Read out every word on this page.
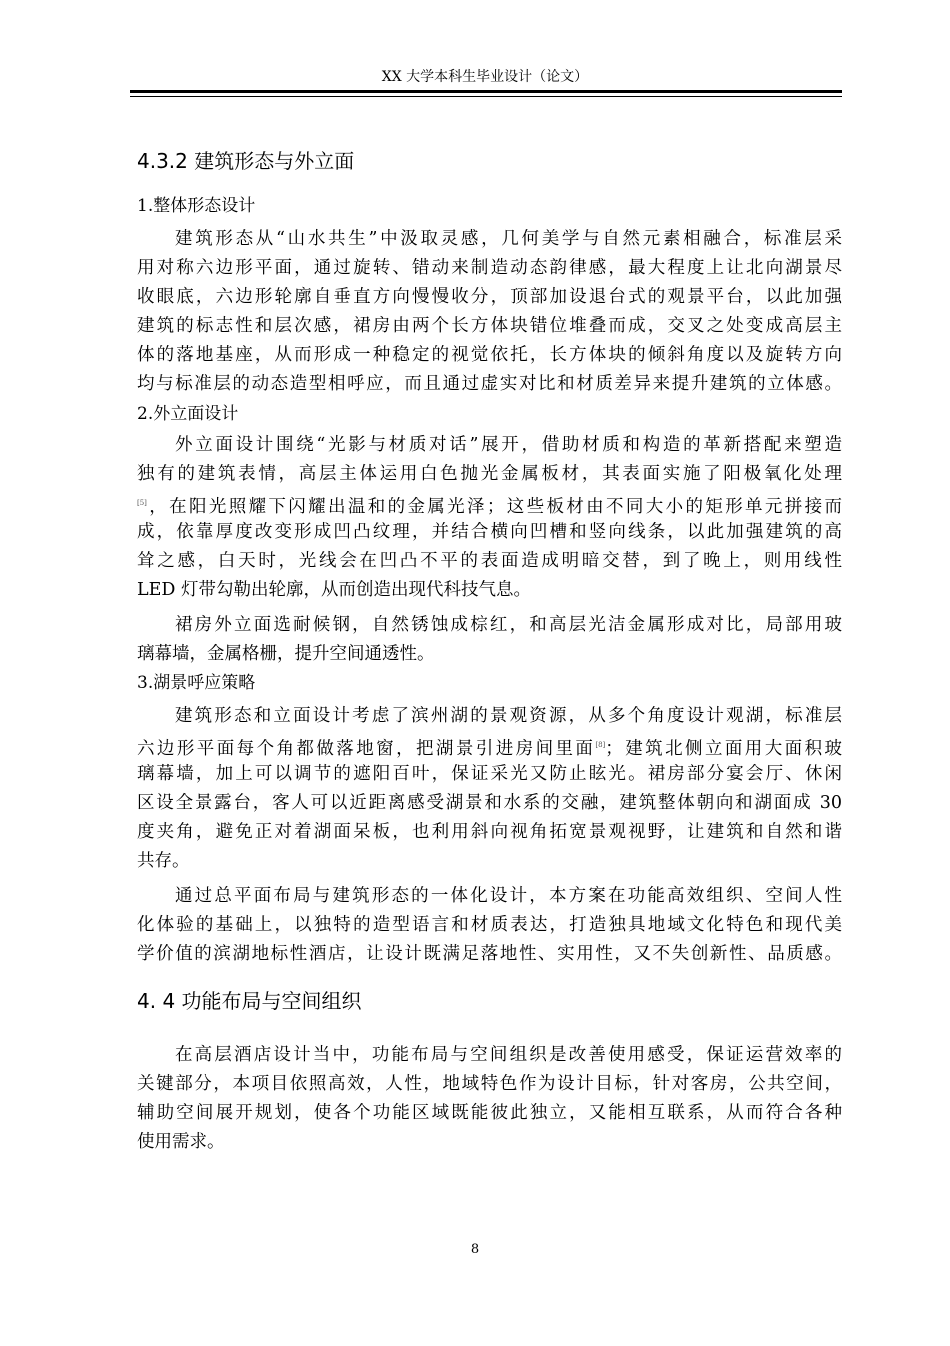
XX 大学本科生毕业设计（论文）
4.3.2 建筑形态与外立面
1.整体形态设计
建筑形态从“山水共生”中汲取灵感，几何美学与自然元素相融合，标准层采
用对称六边形平面，通过旋转、错动来制造动态韵律感，最大程度上让北向湖景尽
收眼底，六边形轮廓自垂直方向慢慢收分，顶部加设退台式的观景平台，以此加强
建筑的标志性和层次感，裙房由两个长方体块错位堆叠而成，交叉之处变成高层主
体的落地基座，从而形成一种稳定的视觉依托，长方体块的倾斜角度以及旋转方向
均与标准层的动态造型相呼应，而且通过虚实对比和材质差异来提升建筑的立体感。
2.外立面设计
外立面设计围绕“光影与材质对话”展开，借助材质和构造的革新搭配来塑造
独有的建筑表情，高层主体运用白色抛光金属板材，其表面实施了阳极氧化处理
[5]，在阳光照耀下闪耀出温和的金属光泽；这些板材由不同大小的矩形单元拼接而
成，依靠厚度改变形成凹凸纹理，并结合横向凹槽和竖向线条，以此加强建筑的高
耸之感，白天时，光线会在凹凸不平的表面造成明暗交替，到了晚上，则用线性
LED 灯带勾勒出轮廓，从而创造出现代科技气息。
裙房外立面选耐候钢，自然锈蚀成棕红，和高层光洁金属形成对比，局部用玻
璃幕墙，金属格栅，提升空间通透性。
3.湖景呼应策略
建筑形态和立面设计考虑了滨州湖的景观资源，从多个角度设计观湖，标准层
六边形平面每个角都做落地窗，把湖景引进房间里面[8]；建筑北侧立面用大面积玻
璃幕墙，加上可以调节的遮阳百叶，保证采光又防止眩光。裙房部分宴会厅、休闲
区设全景露台，客人可以近距离感受湖景和水系的交融，建筑整体朝向和湖面成 30
度夹角，避免正对着湖面呆板，也利用斜向视角拓宽景观视野，让建筑和自然和谐
共存。
通过总平面布局与建筑形态的一体化设计，本方案在功能高效组织、空间人性
化体验的基础上，以独特的造型语言和材质表达，打造独具地域文化特色和现代美
学价值的滨湖地标性酒店，让设计既满足落地性、实用性，又不失创新性、品质感。
4. 4 功能布局与空间组织
在高层酒店设计当中，功能布局与空间组织是改善使用感受，保证运营效率的
关键部分，本项目依照高效，人性，地域特色作为设计目标，针对客房，公共空间，
辅助空间展开规划，使各个功能区域既能彼此独立，又能相互联系，从而符合各种
使用需求。
8
